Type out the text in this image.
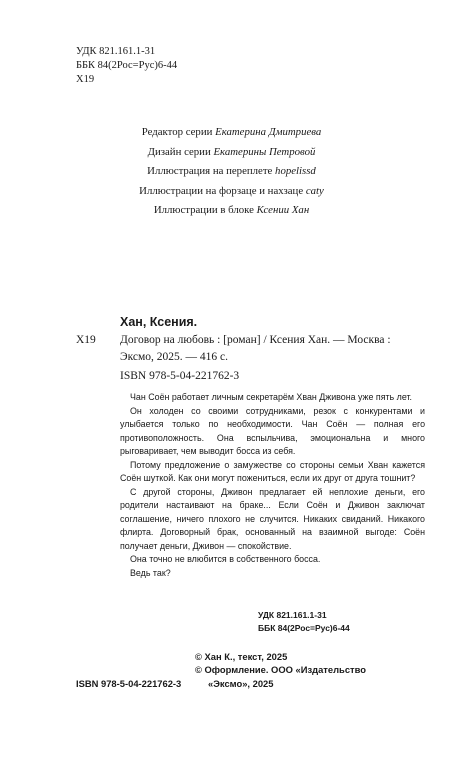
УДК 821.161.1-31
ББК 84(2Рос=Рус)6-44
Х19
Редактор серии Екатерина Дмитриева
Дизайн серии Екатерины Петровой
Иллюстрация на переплете hopelissd
Иллюстрации на форзаце и нахзаце caty
Иллюстрации в блоке Ксении Хан
Хан, Ксения.
Х19 Договор на любовь : [роман] / Ксения Хан. — Москва : Эксмо, 2025. — 416 с.
ISBN 978-5-04-221762-3

Чан Соён работает личным секретарём Хван Дживона уже пять лет.

Он холоден со своими сотрудниками, резок с конкурентами и улыбается только по необходимости. Чан Соён — полная его противоположность. Она вспыльчива, эмоциональна и много рыговаривает, чем выводит босса из себя.

Потому предложение о замужестве со стороны семьи Хван кажется Соён шуткой. Как они могут пожениться, если их друг от друга тошнит?

С другой стороны, Дживон предлагает ей неплохие деньги, его родители настаивают на браке... Если Соён и Дживон заключат соглашение, ничего плохого не случится. Никаких свиданий. Никакого флирта. Договорный брак, основанный на взаимной выгоде: Соён получает деньги, Дживон — спокойствие.

Она точно не влюбится в собственного босса.

Ведь так?

УДК 821.161.1-31
ББК 84(2Рос=Рус)6-44
© Хан К., текст, 2025
© Оформление. ООО «Издательство
«Эксмо», 2025
ISBN 978-5-04-221762-3
